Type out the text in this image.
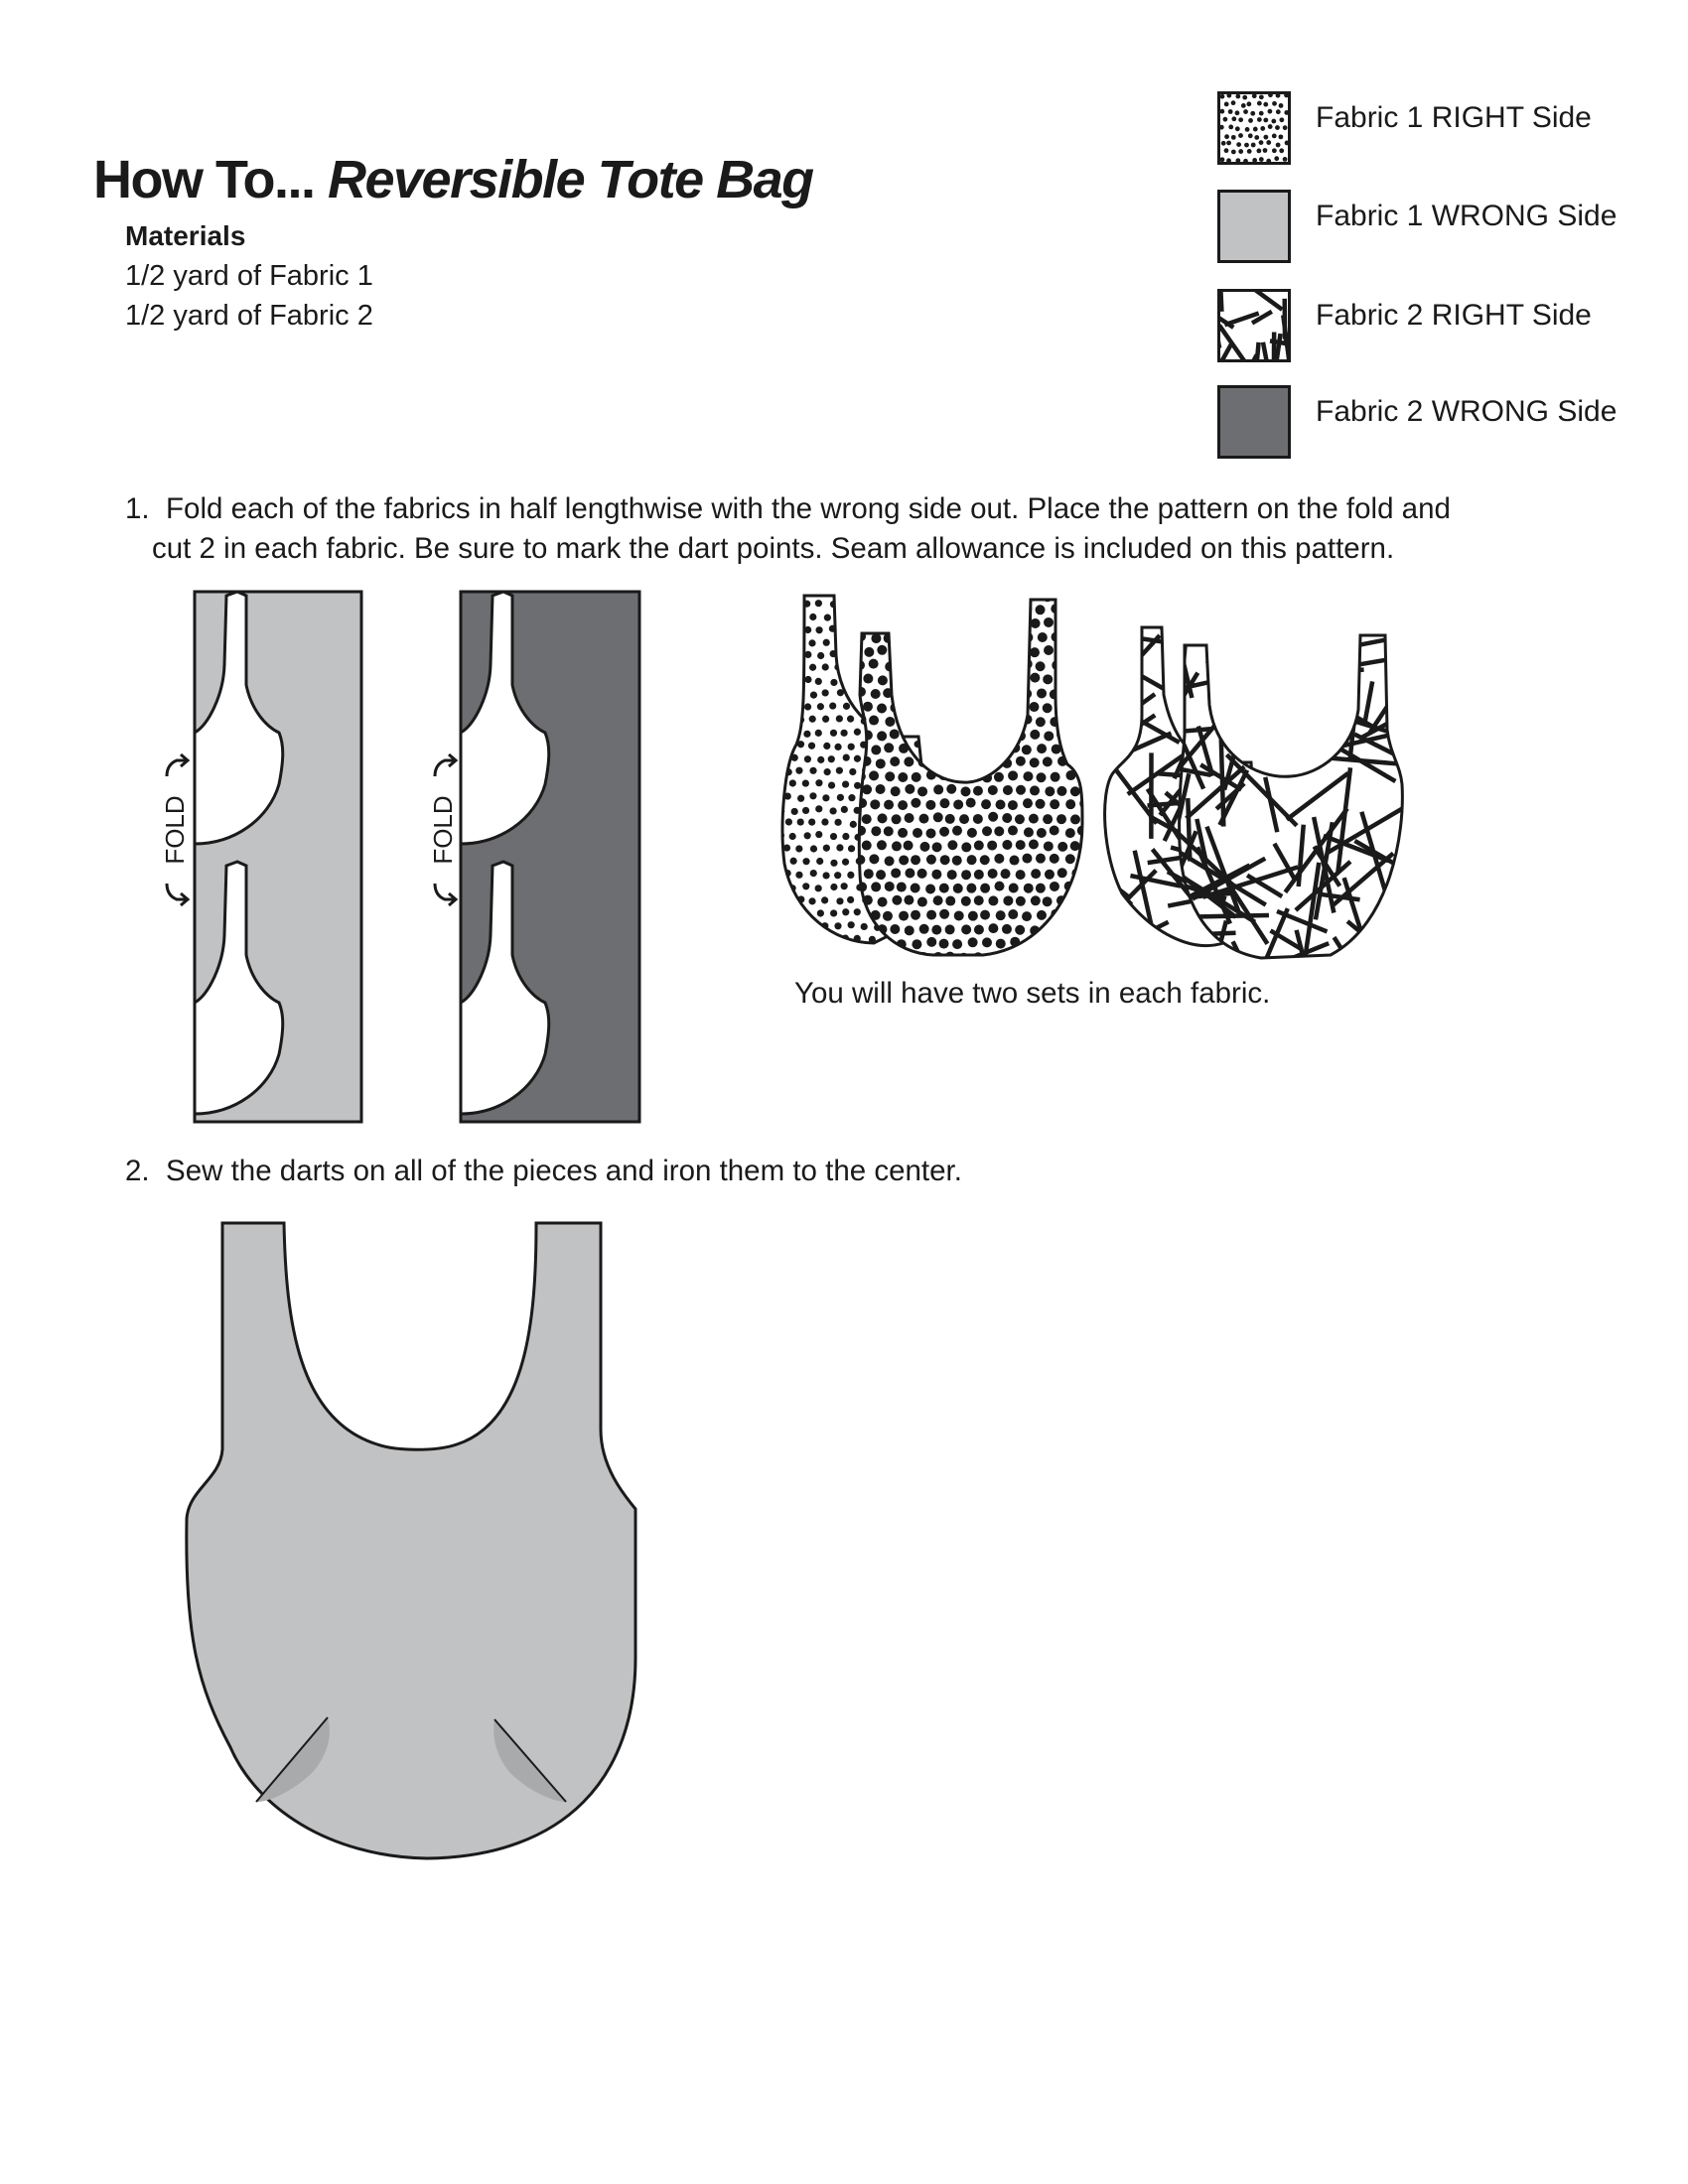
How To... Reversible Tote Bag
Materials
1/2 yard of Fabric 1
1/2 yard of Fabric 2
Fabric 1 RIGHT Side
Fabric 1 WRONG Side
Fabric 2 RIGHT Side
Fabric 2 WRONG Side
1. Fold each of the fabrics in half lengthwise with the wrong side out. Place the pattern on the fold and
cut 2 in each fabric. Be sure to mark the dart points. Seam allowance is included on this pattern.
FOLD	FOLD
You will have two sets in each fabric.
2. Sew the darts on all of the pieces and iron them to the center.
